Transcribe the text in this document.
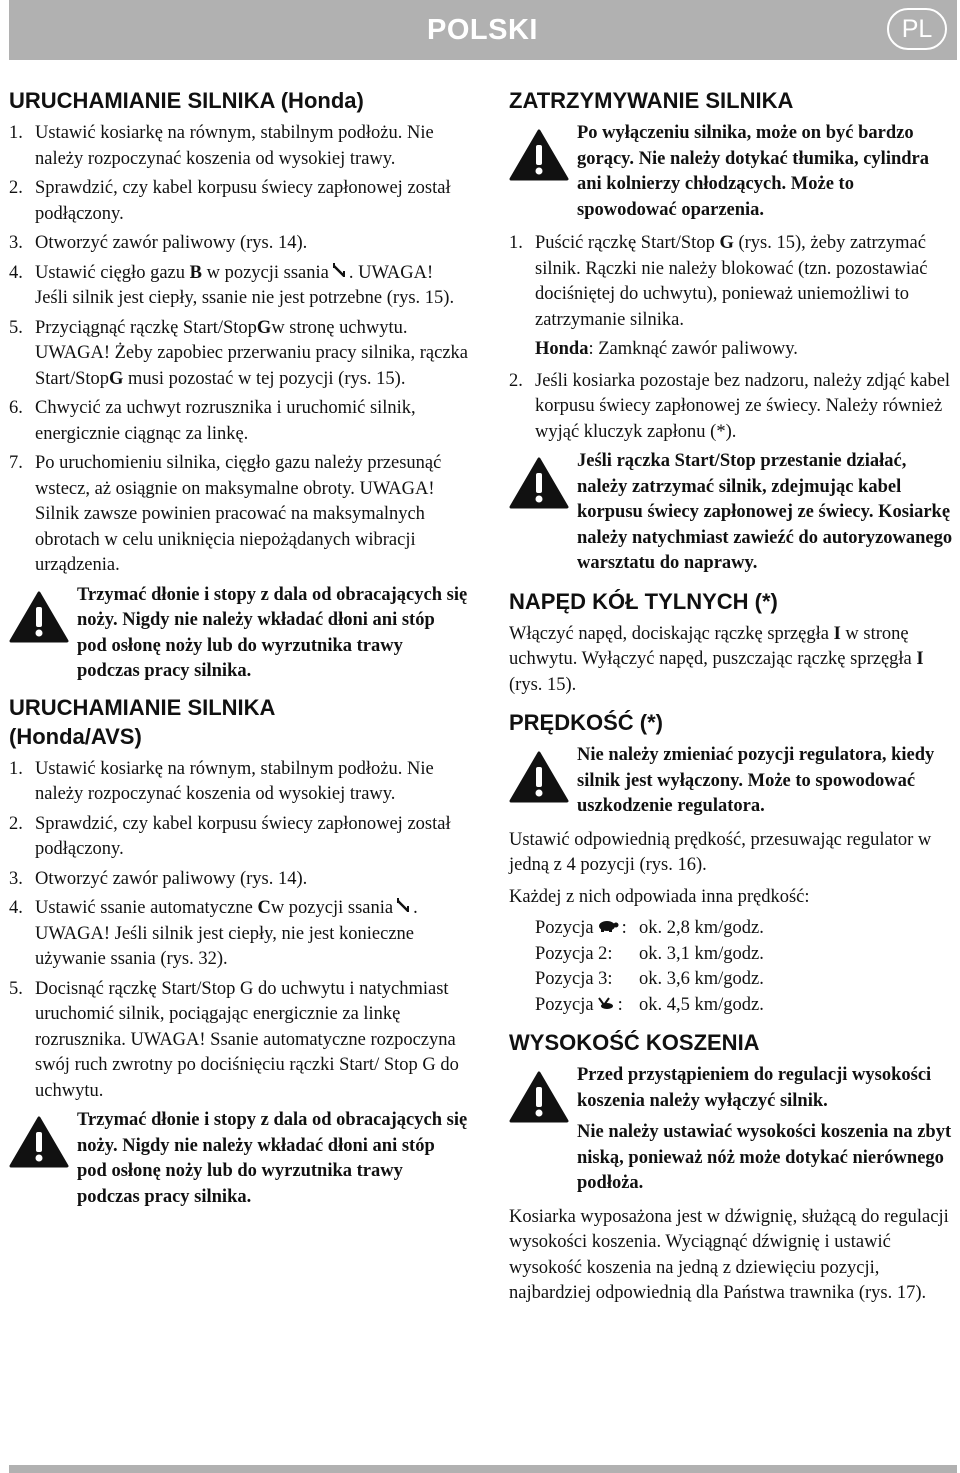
POLSKI	PL
URUCHAMIANIE SILNIKA (Honda)
1. Ustawić kosiarkę na równym, stabilnym podłożu. Nie należy rozpoczynać koszenia od wysokiej trawy.
2. Sprawdzić, czy kabel korpusu świecy zapłonowej został podłączony.
3. Otworzyć zawór paliwowy (rys. 14).
4. Ustawić cięgło gazu B w pozycji ssania . UWAGA! Jeśli silnik jest ciepły, ssanie nie jest potrzebne (rys. 15).
5. Przyciągnąć rączkę Start/StopGw stronę uchwytu. UWAGA! Żeby zapobiec przerwaniu pracy silnika, rączka Start/StopG musi pozostać w tej pozycji (rys. 15).
6. Chwycić za uchwyt rozrusznika i uruchomić silnik, energicznie ciągnąc za linkę.
7. Po uruchomieniu silnika, cięgło gazu należy przesunąć wstecz, aż osiągnie on maksymalne obroty. UWAGA! Silnik zawsze powinien pracować na maksymalnych obrotach w celu uniknięcia niepożądanych wibracji urządzenia.
Trzymać dłonie i stopy z dala od obracających się noży. Nigdy nie należy wkładać dłoni ani stóp pod osłonę noży lub do wyrzutnika trawy podczas pracy silnika.
URUCHAMIANIE SILNIKA
(Honda/AVS)
1. Ustawić kosiarkę na równym, stabilnym podłożu. Nie należy rozpoczynać koszenia od wysokiej trawy.
2. Sprawdzić, czy kabel korpusu świecy zapłonowej został podłączony.
3. Otworzyć zawór paliwowy (rys. 14).
4. Ustawić ssanie automatyczne Cw pozycji ssania . UWAGA! Jeśli silnik jest ciepły, nie jest konieczne używanie ssania (rys. 32).
5. Docisnąć rączkę Start/Stop G do uchwytu i natychmiast uruchomić silnik, pociągając energicznie za linkę rozrusznika. UWAGA! Ssanie automatyczne rozpoczyna swój ruch zwrotny po dociśnięciu rączki Start/ Stop G do uchwytu.
Trzymać dłonie i stopy z dala od obracających się noży. Nigdy nie należy wkładać dłoni ani stóp pod osłonę noży lub do wyrzutnika trawy podczas pracy silnika.
ZATRZYMYWANIE SILNIKA
Po wyłączeniu silnika, może on być bardzo gorący. Nie należy dotykać tłumika, cylindra ani kolnierzy chłodzących. Może to spowodować oparzenia.
1. Puścić rączkę Start/Stop G (rys. 15), żeby zatrzymać silnik. Rączki nie należy blokować (tzn. pozostawiać dociśniętej do uchwytu), ponieważ uniemożliwi to zatrzymanie silnika.
Honda: Zamknąć zawór paliwowy.
2. Jeśli kosiarka pozostaje bez nadzoru, należy zdjąć kabel korpusu świecy zapłonowej ze świecy. Należy również wyjąć kluczyk zapłonu (*).
Jeśli rączka Start/Stop przestanie działać, należy zatrzymać silnik, zdejmując kabel korpusu świecy zapłonowej ze świecy. Kosiarkę należy natychmiast zawieźć do autoryzowanego warsztatu do naprawy.
NAPĘD KÓŁ TYLNYCH (*)
Włączyć napęd, dociskając rączkę sprzęgła I w stronę uchwytu. Wyłączyć napęd, puszczając rączkę sprzęgła I (rys. 15).
PRĘDKOŚĆ (*)
Nie należy zmieniać pozycji regulatora, kiedy silnik jest wyłączony. Może to spowodować uszkodzenie regulatora.
Ustawić odpowiednią prędkość, przesuwając regulator w jedną z 4 pozycji (rys. 16).
Każdej z nich odpowiada inna prędkość:
Pozycja : ok. 2,8 km/godz.
Pozycja 2:	ok. 3,1 km/godz.
Pozycja 3:	ok. 3,6 km/godz.
Pozycja : ok. 4,5 km/godz.
WYSOKOŚĆ KOSZENIA
Przed przystąpieniem do regulacji wysokości koszenia należy wyłączyć silnik.
Nie należy ustawiać wysokości koszenia na zbyt niską, ponieważ nóż może dotykać nierównego podłoża.
Kosiarka wyposażona jest w dźwignię, służącą do regulacji wysokości koszenia. Wyciągnąć dźwignię i ustawić wysokość koszenia na jedną z dziewięciu pozycji, najbardziej odpowiednią dla Państwa trawnika (rys. 17).
